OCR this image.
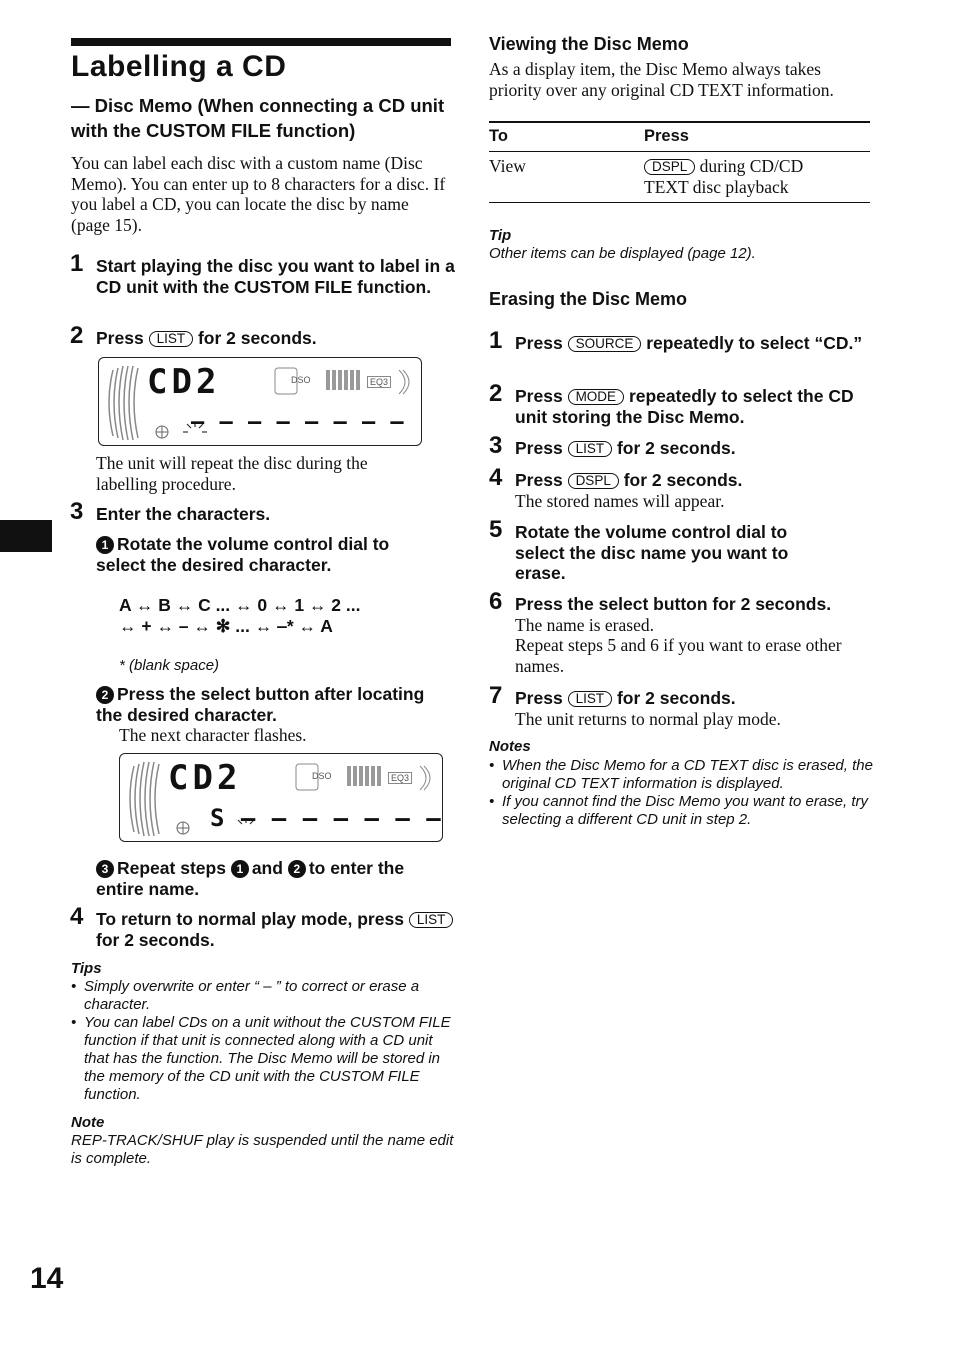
Labelling a CD
— Disc Memo (When connecting a CD unit with the CUSTOM FILE function)
You can label each disc with a custom name (Disc Memo). You can enter up to 8 characters for a disc. If you label a CD, you can locate the disc by name (page 15).
1 Start playing the disc you want to label in a CD unit with the CUSTOM FILE function.
2 Press LIST for 2 seconds.
CD2	DSO	EQ3
– – – – – – – –
The unit will repeat the disc during the labelling procedure.
3 Enter the characters.
1 Rotate the volume control dial to select the desired character.
A ↔ B ↔ C ... ↔ 0 ↔ 1 ↔ 2 ...
↔ + ↔ – ↔ ✻ ... ↔ ‒* ↔ A
* (blank space)
2 Press the select button after locating the desired character.
The next character flashes.
CD2	DSO	EQ3
S – – – – – – –
3 Repeat steps 1 and 2 to enter the entire name.
4 To return to normal play mode, press LIST for 2 seconds.
Tips
• Simply overwrite or enter “ ‒ ” to correct or erase a character.
• You can label CDs on a unit without the CUSTOM FILE function if that unit is connected along with a CD unit that has the function. The Disc Memo will be stored in the memory of the CD unit with the CUSTOM FILE function.
Note
REP-TRACK/SHUF play is suspended until the name edit is complete.
14
Viewing the Disc Memo
As a display item, the Disc Memo always takes priority over any original CD TEXT information.
To	Press
View	DSPL during CD/CD TEXT disc playback
Tip
Other items can be displayed (page 12).
Erasing the Disc Memo
1 Press SOURCE repeatedly to select “CD.”
2 Press MODE repeatedly to select the CD unit storing the Disc Memo.
3 Press LIST for 2 seconds.
4 Press DSPL for 2 seconds.
The stored names will appear.
5 Rotate the volume control dial to select the disc name you want to erase.
6 Press the select button for 2 seconds.
The name is erased.
Repeat steps 5 and 6 if you want to erase other names.
7 Press LIST for 2 seconds.
The unit returns to normal play mode.
Notes
• When the Disc Memo for a CD TEXT disc is erased, the original CD TEXT information is displayed.
• If you cannot find the Disc Memo you want to erase, try selecting a different CD unit in step 2.
